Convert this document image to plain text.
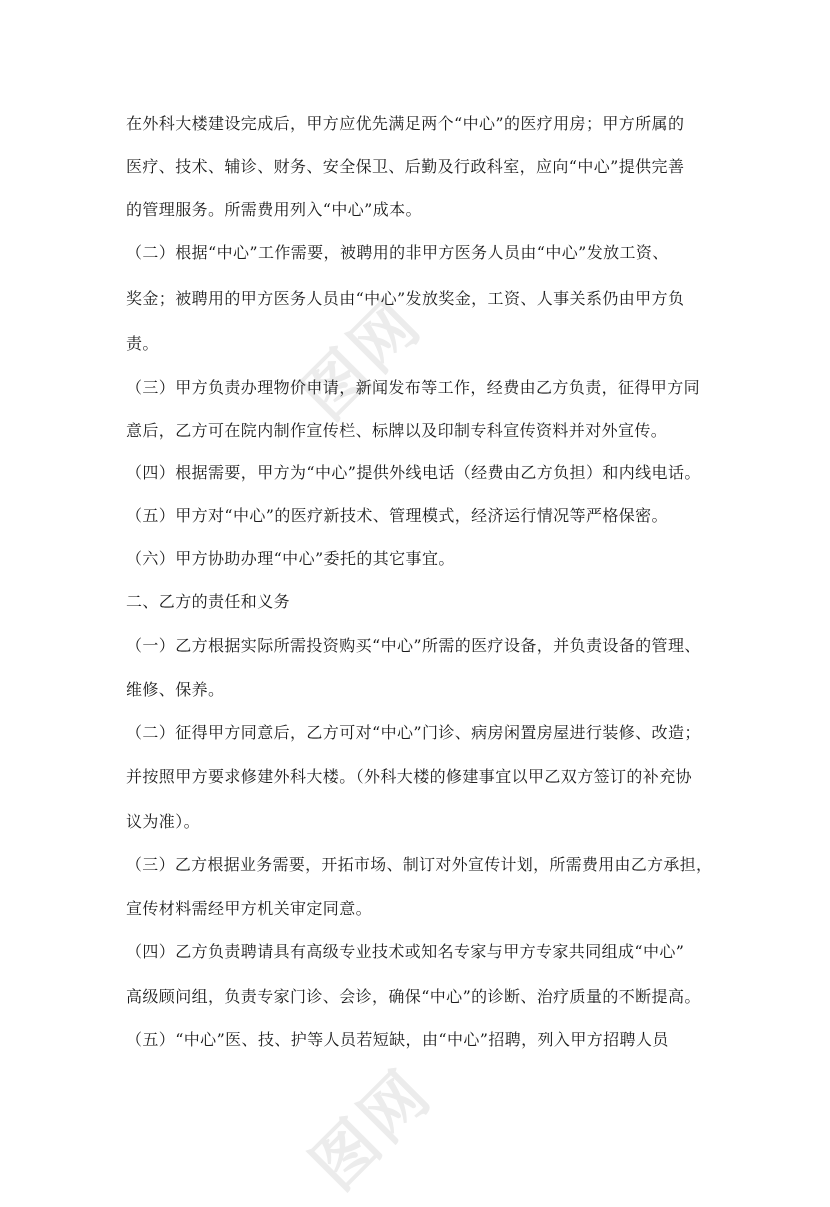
图网
图网
在外科大楼建设完成后，甲方应优先满足两个“中心”的医疗用房；甲方所属的
医疗、技术、辅诊、财务、安全保卫、后勤及行政科室，应向“中心”提供完善
的管理服务。所需费用列入“中心”成本。
（二）根据“中心”工作需要，被聘用的非甲方医务人员由“中心”发放工资、
奖金；被聘用的甲方医务人员由“中心”发放奖金，工资、人事关系仍由甲方负
责。
（三）甲方负责办理物价申请，新闻发布等工作，经费由乙方负责，征得甲方同
意后，乙方可在院内制作宣传栏、标牌以及印制专科宣传资料并对外宣传。
（四）根据需要，甲方为“中心”提供外线电话（经费由乙方负担）和内线电话。
（五）甲方对“中心”的医疗新技术、管理模式，经济运行情况等严格保密。
（六）甲方协助办理“中心”委托的其它事宜。
二、乙方的责任和义务
（一）乙方根据实际所需投资购买“中心”所需的医疗设备，并负责设备的管理、
维修、保养。
（二）征得甲方同意后，乙方可对“中心”门诊、病房闲置房屋进行装修、改造；
并按照甲方要求修建外科大楼。（外科大楼的修建事宜以甲乙双方签订的补充协
议为准）。
（三）乙方根据业务需要，开拓市场、制订对外宣传计划，所需费用由乙方承担，
宣传材料需经甲方机关审定同意。
（四）乙方负责聘请具有高级专业技术或知名专家与甲方专家共同组成“中心”
高级顾问组，负责专家门诊、会诊，确保“中心”的诊断、治疗质量的不断提高。
（五）“中心”医、技、护等人员若短缺，由“中心”招聘，列入甲方招聘人员
